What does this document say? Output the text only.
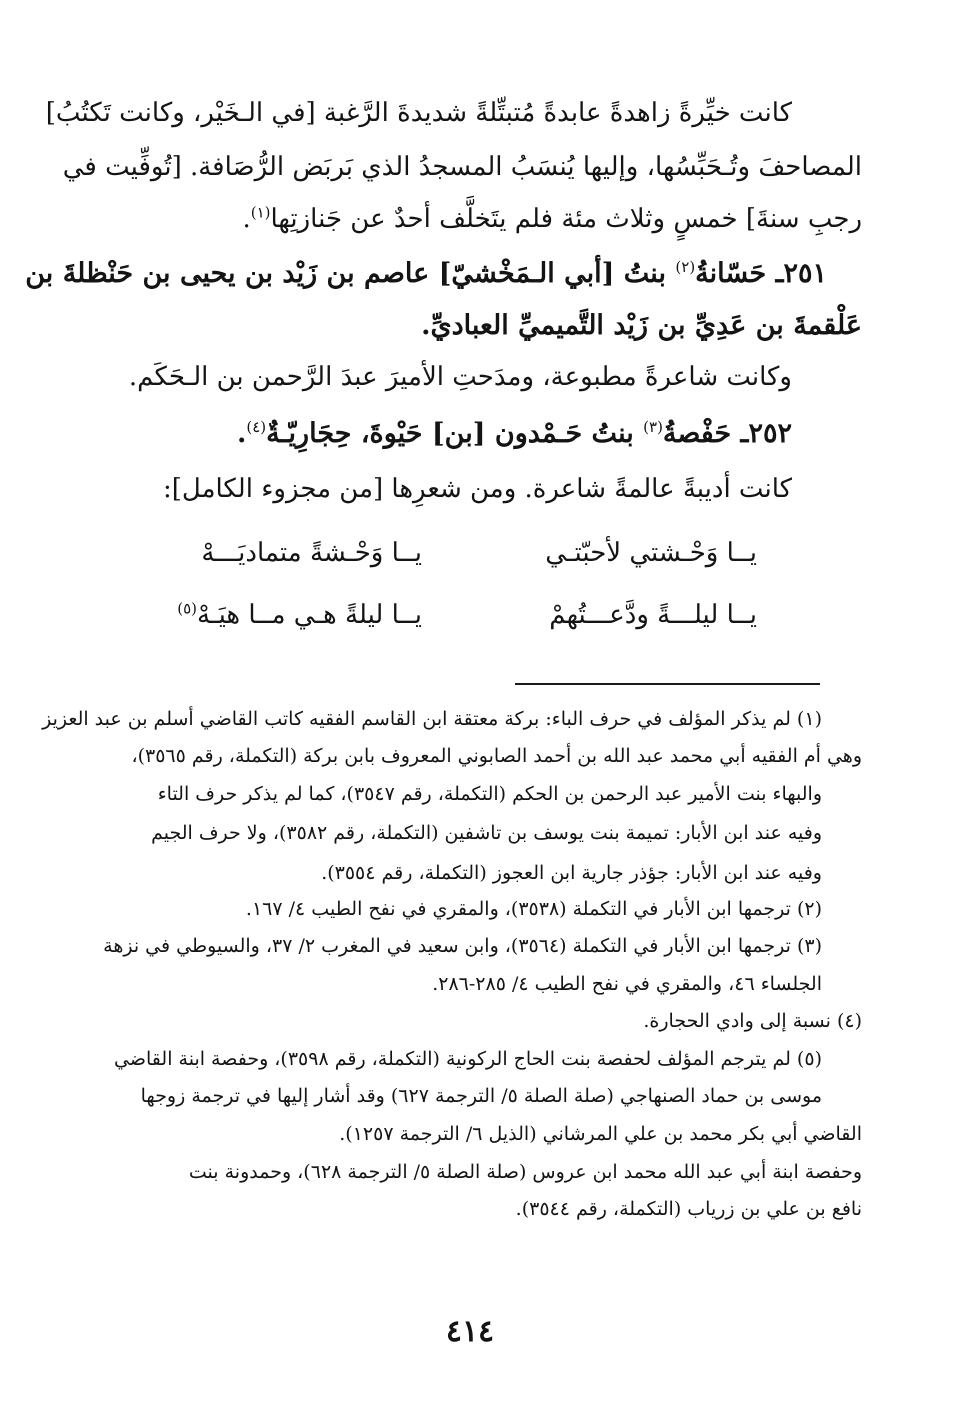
كانت خيِّرةً زاهدةً عابدةً مُتبتِّلةً شديدةَ الرَّغبة [في الـخَيْر، وكانت تَكتُبُ]
المصاحفَ وتُـحَبِّسُها، وإليها يُنسَبُ المسجدُ الذي بَربَض الرُّصَافة. [تُوفِّيت في
رجبِ سنةَ] خمسٍ وثلاث مئة فلم يتَخلَّف أحدٌ عن جَنازتِها$^{(١)}$.
٢٥١ـ حَسّانةُ$^{(٢)}$ بنتُ [أبي الـمَخْشيّ] عاصم بن زَيْد بن يحيى بن حَنْظلةَ بن
عَلْقمةَ بن عَدِيِّ بن زَيْد التَّميميِّ العباديِّ.
وكانت شاعرةً مطبوعة، ومدَحتِ الأميرَ عبدَ الرَّحمن بن الـحَكَم.
٢٥٢ـ حَفْصةُ$^{(٣)}$ بنتُ حَـمْدون [بن] حَيْوةَ، حِجَارِيّـةٌ$^{(٤)}$.
كانت أديبةً عالمةً شاعرة. ومن شعرِها [من مجزوء الكامل]:
يــا وَحْـشتي لأحبّتـي
يــا وَحْـشةً متماديَـــهْ
يــا ليلـــةً ودَّعـــتُهمْ
يــا ليلةً هـي مــا هيَـهْ$^{(٥)}$
(١) لم يذكر المؤلف في حرف الباء: بركة معتقة ابن القاسم الفقيه كاتب القاضي أسلم بن عبد العزيز
وهي أم الفقيه أبي محمد عبد الله بن أحمد الصابوني المعروف بابن بركة (التكملة، رقم ٣٥٦٥)،
والبهاء بنت الأمير عبد الرحمن بن الحكم (التكملة، رقم ٣٥٤٧)، كما لم يذكر حرف التاء
وفيه عند ابن الأبار: تميمة بنت يوسف بن تاشفين (التكملة، رقم ٣٥٨٢)، ولا حرف الجيم
وفيه عند ابن الأبار: جؤذر جارية ابن العجوز (التكملة، رقم ٣٥٥٤).
(٢) ترجمها ابن الأبار في التكملة (٣٥٣٨)، والمقري في نفح الطيب ٤/ ١٦٧.
(٣) ترجمها ابن الأبار في التكملة (٣٥٦٤)، وابن سعيد في المغرب ٢/ ٣٧، والسيوطي في نزهة
الجلساء ٤٦، والمقري في نفح الطيب ٤/ ٢٨٥-٢٨٦.
(٤) نسبة إلى وادي الحجارة.
(٥) لم يترجم المؤلف لحفصة بنت الحاج الركونية (التكملة، رقم ٣٥٩٨)، وحفصة ابنة القاضي
موسى بن حماد الصنهاجي (صلة الصلة ٥/ الترجمة ٦٢٧) وقد أشار إليها في ترجمة زوجها
القاضي أبي بكر محمد بن علي المرشاني (الذيل ٦/ الترجمة ١٢٥٧).
وحفصة ابنة أبي عبد الله محمد ابن عروس (صلة الصلة ٥/ الترجمة ٦٢٨)، وحمدونة بنت
نافع بن علي بن زرياب (التكملة، رقم ٣٥٤٤).
٤١٤
